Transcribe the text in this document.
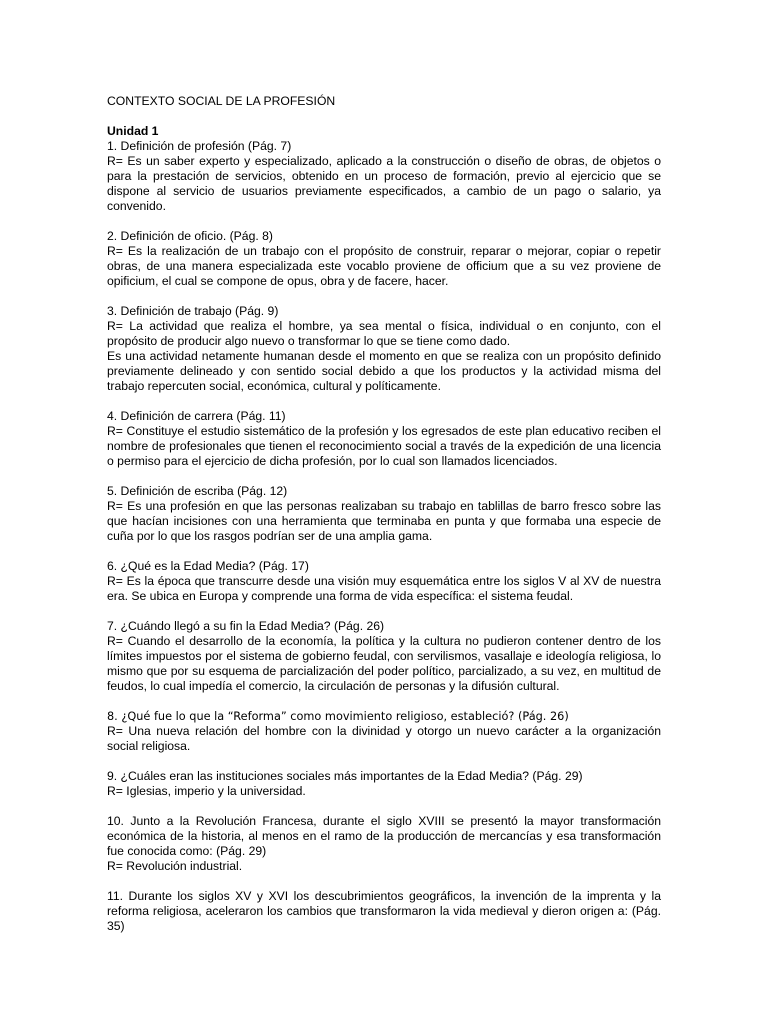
CONTEXTO SOCIAL DE LA PROFESIÓN

Unidad 1

1. Definición de profesión (Pág. 7)

R= Es un saber experto y especializado, aplicado a la construcción o diseño de obras, de objetos o para la prestación de servicios, obtenido en un proceso de formación, previo al ejercicio que se dispone al servicio de usuarios previamente especificados, a cambio de un pago o salario, ya convenido.

2. Definición de oficio. (Pág. 8)

R= Es la realización de un trabajo con el propósito de construir, reparar o mejorar, copiar o repetir obras, de una manera especializada este vocablo proviene de officium que a su vez proviene de opificium, el cual se compone de opus, obra y de facere, hacer.

3. Definición de trabajo (Pág. 9)

R= La actividad que realiza el hombre, ya sea mental o física, individual o en conjunto, con el propósito de producir algo nuevo o transformar lo que se tiene como dado.

Es una actividad netamente humanan desde el momento en que se realiza con un propósito definido previamente delineado y con sentido social debido a que los productos y la actividad misma del trabajo repercuten social, económica, cultural y políticamente.

4. Definición de carrera (Pág. 11)

R= Constituye el estudio sistemático de la profesión y los egresados de este plan educativo reciben el nombre de profesionales que tienen el reconocimiento social a través de la expedición de una licencia o permiso para el ejercicio de dicha profesión, por lo cual son llamados licenciados.

5. Definición de escriba (Pág. 12)

R= Es una profesión en que las personas realizaban su trabajo en tablillas de barro fresco sobre las que hacían incisiones con una herramienta que terminaba en punta y que formaba una especie de cuña por lo que los rasgos podrían ser de una amplia gama.

6. ¿Qué es la Edad Media? (Pág. 17)

R= Es la época que transcurre desde una visión muy esquemática entre los siglos V al XV de nuestra era. Se ubica en Europa y comprende una forma de vida específica: el sistema feudal.

7. ¿Cuándo llegó a su fin la Edad Media? (Pág. 26)

R= Cuando el desarrollo de la economía, la política y la cultura no pudieron contener dentro de los límites impuestos por el sistema de gobierno feudal, con servilismos, vasallaje e ideología religiosa, lo mismo que por su esquema de parcialización del poder político, parcializado, a su vez, en multitud de feudos, lo cual impedía el comercio, la circulación de personas y la difusión cultural.

8. ¿Qué fue lo que la “Reforma” como movimiento religioso, estableció? (Pág. 26)

R= Una nueva relación del hombre con la divinidad y otorgo un nuevo carácter a la organización social religiosa.

9. ¿Cuáles eran las instituciones sociales más importantes de la Edad Media? (Pág. 29)

R= Iglesias, imperio y la universidad.

10. Junto a la Revolución Francesa, durante el siglo XVIII se presentó la mayor transformación económica de la historia, al menos en el ramo de la producción de mercancías y esa transformación fue conocida como: (Pág. 29)

R= Revolución industrial.

11. Durante los siglos XV y XVI los descubrimientos geográficos, la invención de la imprenta y la reforma religiosa, aceleraron los cambios que transformaron la vida medieval y dieron origen a: (Pág. 35)
